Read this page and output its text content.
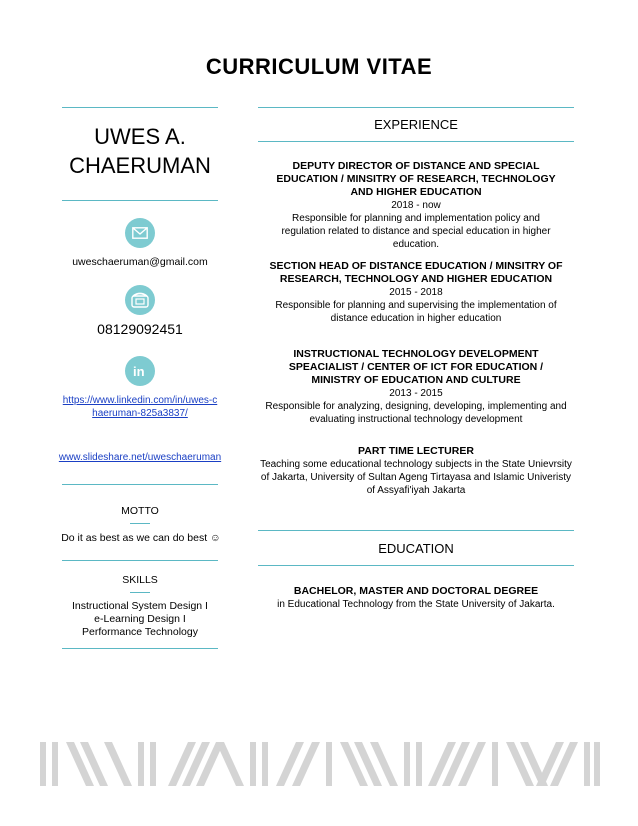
CURRICULUM VITAE
UWES A.
CHAERUMAN
uweschaeruman@gmail.com
08129092451
in
https://www.linkedin.com/in/uwes-chaeruman-825a3837/
www.slideshare.net/uweschaeruman
MOTTO
Do it as best as we can do best ☺
SKILLS
Instructional System Design I e-Learning Design I Performance Technology
EXPERIENCE
DEPUTY DIRECTOR OF DISTANCE AND SPECIAL EDUCATION / MINSITRY OF RESEARCH, TECHNOLOGY AND HIGHER EDUCATION
2018 - now
Responsible for planning and implementation policy and regulation related to distance and special education in higher education.
SECTION HEAD OF DISTANCE EDUCATION / MINSITRY OF RESEARCH, TECHNOLOGY AND HIGHER EDUCATION
2015 - 2018
Responsible for planning and supervising the implementation of distance education in higher education
INSTRUCTIONAL TECHNOLOGY DEVELOPMENT SPEACIALIST / CENTER OF ICT FOR EDUCATION / MINISTRY OF EDUCATION AND CULTURE
2013 - 2015
Responsible for analyzing, designing, developing, implementing and evaluating instructional technology development
PART TIME LECTURER
Teaching some educational technology subjects in the State Unievrsity of Jakarta, University of Sultan Ageng Tirtayasa and Islamic Univeristy of Assyafi'iyah Jakarta
EDUCATION
BACHELOR, MASTER AND DOCTORAL DEGREE
in Educational Technology from the State University of Jakarta.
